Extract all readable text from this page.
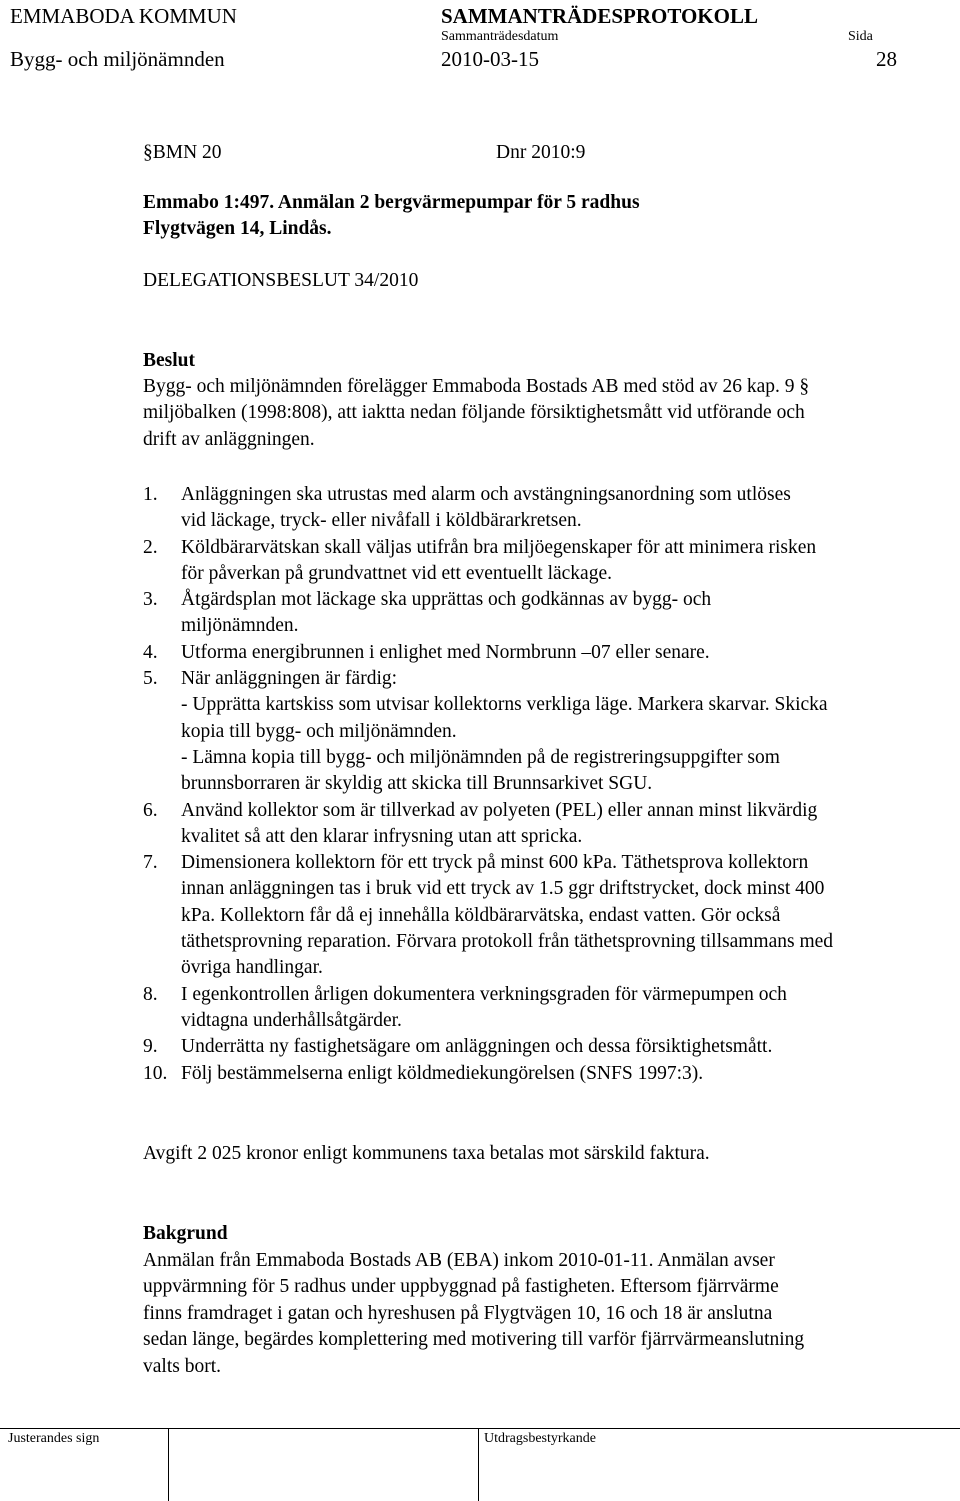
EMMABODA KOMMUN	SAMMANTRÄDESPROTOKOLL
Sammanträdesdatum	Sida
Bygg- och miljönämnden	2010-03-15	28
§BMN 20	Dnr 2010:9
Emmabo 1:497. Anmälan 2 bergvärmepumpar för 5 radhus
Flygtvägen 14, Lindås.
DELEGATIONSBESLUT 34/2010
Beslut
Bygg- och miljönämnden förelägger Emmaboda Bostads AB med stöd av 26 kap. 9 §
miljöbalken (1998:808), att iaktta nedan följande försiktighetsmått vid utförande och
drift av anläggningen.
1. Anläggningen ska utrustas med alarm och avstängningsanordning som utlöses
vid läckage, tryck- eller nivåfall i köldbärarkretsen.
2. Köldbärarvätskan skall väljas utifrån bra miljöegenskaper för att minimera risken
för påverkan på grundvattnet vid ett eventuellt läckage.
3. Åtgärdsplan mot läckage ska upprättas och godkännas av bygg- och
miljönämnden.
4. Utforma energibrunnen i enlighet med Normbrunn –07 eller senare.
5. När anläggningen är färdig:
- Upprätta kartskiss som utvisar kollektorns verkliga läge. Markera skarvar. Skicka
kopia till bygg- och miljönämnden.
- Lämna kopia till bygg- och miljönämnden på de registreringsuppgifter som
brunnsborraren är skyldig att skicka till Brunnsarkivet SGU.
6. Använd kollektor som är tillverkad av polyeten (PEL) eller annan minst likvärdig
kvalitet så att den klarar infrysning utan att spricka.
7. Dimensionera kollektorn för ett tryck på minst 600 kPa. Täthetsprova kollektorn
innan anläggningen tas i bruk vid ett tryck av 1.5 ggr driftstrycket, dock minst 400
kPa. Kollektorn får då ej innehålla köldbärarvätska, endast vatten. Gör också
täthetsprovning reparation. Förvara protokoll från täthetsprovning tillsammans med
övriga handlingar.
8. I egenkontrollen årligen dokumentera verkningsgraden för värmepumpen och
vidtagna underhållsåtgärder.
9. Underrätta ny fastighetsägare om anläggningen och dessa försiktighetsmått.
10. Följ bestämmelserna enligt köldmediekungörelsen (SNFS 1997:3).
Avgift 2 025 kronor enligt kommunens taxa betalas mot särskild faktura.
Bakgrund
Anmälan från Emmaboda Bostads AB (EBA) inkom 2010-01-11. Anmälan avser
uppvärmning för 5 radhus under uppbyggnad på fastigheten. Eftersom fjärrvärme
finns framdraget i gatan och hyreshusen på Flygtvägen 10, 16 och 18 är anslutna
sedan länge, begärdes komplettering med motivering till varför fjärrvärmeanslutning
valts bort.
Justerandes sign	Utdragsbestyrkande
